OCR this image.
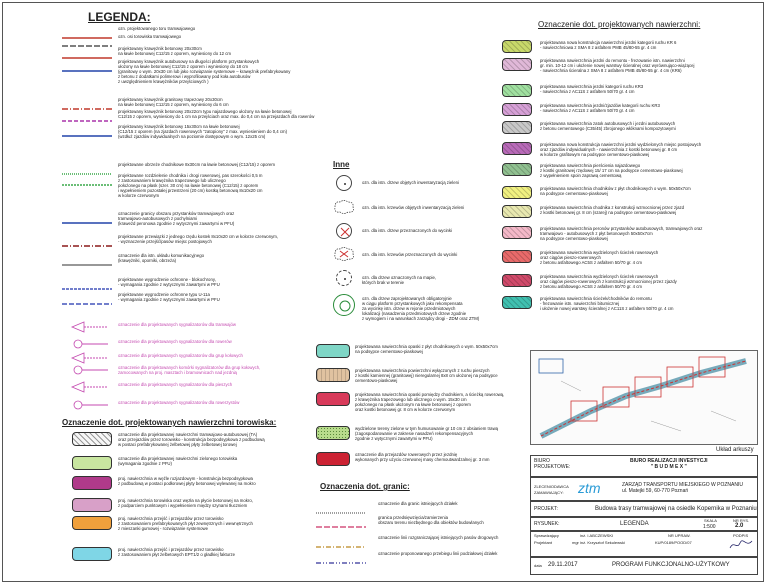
LEGENDA:
Oznaczenie dot. projektowanych nawierzchni torowiska:
Inne
Oznaczenia dot. granic:
Oznaczenie dot. projektowanych nawierzchni:
Układ arkuszy
BIURO
PROJEKTOWE:
BIURO REALIZACJI INVESTYCJI
" B U D M E X "
ZLECENIODAWCA
ZAMAWIAJĄCY:	ztm	ZARZĄD TRANSPORTU MIEJSKIEGO W POZNANIU
ul. Matejki 59, 60-770 Poznań
PROJEKT:	Budowa trasy tramwajowej na osiedle Kopernika w Poznaniu
RYSUNEK:	LEGENDA
SKALA
1:500
NR RYS.
2.0
Sprawdzający
Projektant
inż. I.ABCZEWSKI
mgr inż. Krzysztof Sekulewski
NR UPRAW.
KUP/0189/POOD/07
PODPIS
data 29.11.2017	PROGRAM FUNKCJONALNO-UŻYTKOWY
ozn. projektowanego toru tramwajowego
ozn. osi torowiska tramwajowego
projektowany krawężnik betonowy 20x30cm
na ławie betonowej C12/15 z oporem, wyniesiony do 12 cm
projektowany krawężnik autobusowy na długości platform przystankowych
ułożony na ławie betonowej C12/15 z oporem i wyniesiony do 18 cm
(granitowy o wym. 20x30 cm lub jako rozwiązanie systemowe – krawężnik prefabrykowany
z betonu z dodatkami polimerowi i wyprofilowany pod koła autobusów
z uwzględnieniem krawężników przejściowych )
projektowany krawężnik granitowy trapezowy 20x30cm
na ławie betonowej C12/15 z oporem, wyniesiony do 6 cm
projektowany krawężnik betonowy 20x22cm typu najazdowego ułożony na ławie betonowej
C12/15 z oporem, wyniesiony do 1 cm na przejściach oraz max. do 0,4 cm na przejazdach dla rowerów
projektowany krawężnik betonowy 15x30cm na ławie betonowej
(C12/15 z oporem (na zjazdach rowerowych "zatopiony" z max. wyniesieniem do 0,4 cm)
(wzdłuż zjazdów indywidualnych na poziomie dostępowym o wym. 12x25 cm)
projektowane obrzeże chodnikowe 8x30cm na ławie betonowej (C12/15) z oporem
projektowane rozdzielenie chodnika i drogi rowerowej, pas szerokości 0,5 m
z zastosowaniem krawężnika trapezowego lub ulicznego
położonego na płask (szer. 30 cm) na ławie betonowej (C12/15) z oporem
i wypełnieniem pozostałej przestrzeni (20 cm) kostką betonową 8x10x20 cm
w kolorze czerwonym
oznaczenie granicy obszaru przystanków tramwajowych oraz
tramwajowo-autobusowych z pochylniami
(kraweżd peronowa zgodnie z wytycznymi zawartymi w PFU)
projektowane przewiązki z jednego rzędu kostek 8x10x20 cm w kolorze czerwonym,
- wyznaczenie przejść/pasów miejsc postojowych
oznaczenie dla istn. układu komunikacyjnego
(krawężniki, oporniki, obrzeża)
projektowane wygrodzenie ochronne - blokochrony,
- wymagania zgodnie z wytycznymi zawartymi w PFU
projektowane wygrodzenie ochronne typu U-11a
- wymagania zgodnie z wytycznymi zawartymi w PFU
oznaczenie dla projektowanych sygnalizatorów dla tramwajów
oznaczenie dla projektowanych sygnalizatorów dla rowerów
oznaczenie dla projektowanych sygnalizatorów dla grup kołowych
oznaczenie dla projektowanych komórki sygnalizatorów dla grup kołowych,
zamocowanych na proj. masztach i bramownicach nad jezdnią
oznaczenie dla projektowanych sygnalizatorów dla pieszych
oznaczenie dla projektowanych sygnalizatorów dla rowerzystów
oznaczenie dla projektowanej nawierzchni tramwajowo-autobusowej (TA)
oraz przejazdów przez torowisko - konstrukcja bezpodsypkowa z podbudową
w postaci prefabrykowanej żelbetowej płyty żelbetowej torowej
oznaczenie dla projektowanej nawierzchni zielonego torowiska
(wymagania zgodnie z PFU)
proj. nawierzchnia w węźle rozjazdowym - konstrukcja bezpodsypkowa
z podbudową w postaci podłorowej płyty betonowej wylewanej na mokro
proj. nawierzchnia torowiska oraz węzła na płycie betonowej na mokro,
z podparciem punktowym i wypełnieniem między szynami tłuczniem
proj. nawierzchnia przejść i przejazdów przez torowisko
z zastosowaniem prefabrykowanych płyt zewnętrznych i wewnętrznych
z mieszanki gumowej - rozwiązanie systemowe
proj. nawierzchnia przejść i przejazdów przez torowisko
z zastosowaniem płyt żelbetowych EPT1/2 o gładkiej fakturze
ozn. dla istn. drzew objętych inwentaryzacją zieleni
ozn. dla istn. krzewów objętych inwentaryzacją zieleni
ozn. dla istn. drzew przeznaczonych do wycinki
ozn. dla istn. krzewów przeznaczonych do wycinki
ozn. dla drzew oznaczonych na mapie,
których brak w terenie
ozn. dla drzew zaprojektowanych obligatoryjnie
w ciągu platform przystankowych jako rekompensata
za wycinkę istn. drzew w rejonie przedmiotowych
lokalizacji (nasadzenia przedmiotowych drzew zgodnie
z wymogiem i na warunkach zarządcy drogi - ZDM oraz ZTM)
projektowana nawierzchnia opaski z płyt chodnikowych o wym. 50x50x7cm
na podsypce cementowo-piaskowej
projektowana nawierzchnia powierzchni wyłączonych z ruchu pieszych
z kostki kamiennej (granitowej) nieregularnej 8x8 cm ułożonej na podsypce
cementowo-piaskowej
projektowana nawierzchnia opaski pomiędzy chodnikiem, a ścieżką rowerową,
z krawężnika trapezowego lub ulicznego o wym. 15x30 cm
położonego na płask ułożonym na ławie betonowej z oporem
oraz kostki betonowej gr. 8 cm w kolorze czerwonym
wydzielone tereny zielone w tym humusowanie gr 10 cm z obsianiem trawą
(zagospodarowanie w zakresie nasadzeń rekompensacyjnych
zgodnie z wytycznymi zawartymi w PFU)
oznaczenie dla przejazdów rowerowych przez jezdnię
wykonanych przy użyciu czerwonej masy chemoutwardzalnej gr. 3 mm
oznaczenie dla granic istniejących działek
granica przedsięwzięcia/zamierzenia
obszaru terenu niezbędnego dla obiektów budowlanych
oznaczenie linii rozgraniczającej istniejących pasów drogowych
oznaczenie proponowanego przebiegu linii podziałowej działek
projektowana nowa konstrukcja nawierzchni jezdni kategorii ruchu KR 6
- nawierzchniowa z SMA 8 z asfaltem PMB 45/80-55 gr. 4 cm
projektowana nawierzchnia jezdni do remontu - frezowanie istn. nawierzchni
gr. min. 10-12 cm i ułożenie nowej warstwy ścieralnej oraz wyrównująco-wiążącej
- nawierzchnia ścieralna z SMA 8 z asfaltem PMB 45/80-55 gr. 4 cm (KR6)
projektowana nawierzchnia jezdni kategorii ruchu KR3
- nawierzchnia z AC11S z asfaltem 50/70 gr. 4 cm
projektowana nawierzchnia jezdni/zjazdów kategorii ruchu KR3
- nawierzchnia z AC11S z asfaltem 50/70 gr. 4 cm
projektowana nawierzchnia zatok autobusowych i jezdni autobusowych
z betonu cementowego (C35/45) zbrojonego włóknami kompozytowymi
projektowana nowa konstrukcja nawierzchni jezdni wydzielonych miejsc postojowych
oraz zjazdów indywidualnych - nawierzchnia z kostki betonowej gr. 8 cm
w kolorze grafitowym na podsypce cementowo-piaskowej
projektowana nawierzchnia pierścienia najazdowego
z kostki granitowej rzędowej 15/ 17 cm na podsypce cementowo-piaskowej
z wypełnieniem spoin zaprawą cementową
projektowana nawierzchnia chodników z płyt chodnikowych o wym. 50x50x7cm
na podsypce cementowo-piaskowej
projektowana nawierzchnia chodnika z konstrukcji wzmocnionej przez zjazd
z kostki betonowej gr. 8 cm (szarej) na podsypce cementowo-piaskowej
projektowana nawierzchnia peronów przystanków autobusowych, tramwajowych oraz
tramwajowo - autobusowych z płyt betonowych 50x50x7cm
na podsypce cementowo-piaskowej
projektowana nawierzchnia wydzielonych ścieżek rowerowych
oraz ciągów pieszo-rowerowych
z betonu asfaltowego AC5S z asfaltem 50/70 gr. 4 cm
projektowana nawierzchnia wydzielonych ścieżek rowerowych
oraz ciągów pieszo-rowerowych z konstrukcji wzmocnionej przez zjazdy
z betonu asfaltowego AC5S z asfaltem 50/70 gr. 4 cm
projektowana nawierzchnia ścieżek/chodników do remontu
- frezowanie istn. nawierzchni bitumicznej
i ułożenie nowej warstwy ścieralnej z AC11S z asfaltem 50/70 gr. 4 cm
